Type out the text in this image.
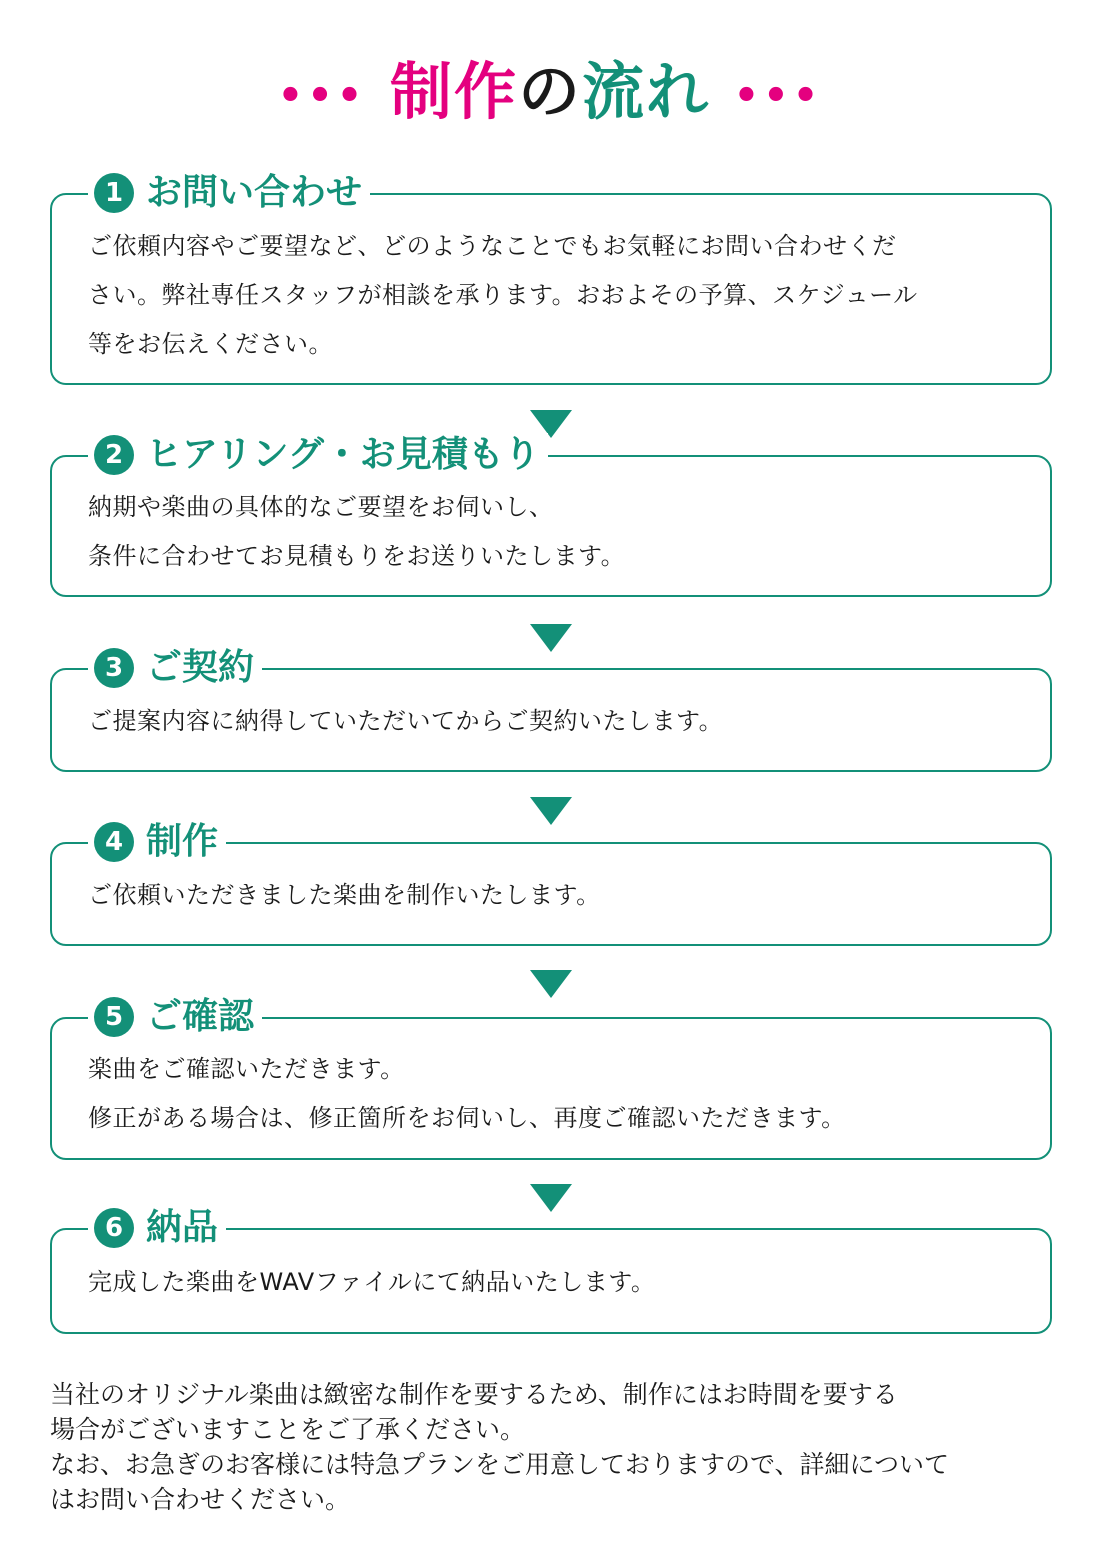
••• 制作の流れ •••
1 お問い合わせ

ご依頼内容やご要望など、どのようなことでもお気軽にお問い合わせくだ

さい。弊社専任スタッフが相談を承ります。おおよその予算、スケジュール

等をお伝えください。

2 ヒアリング・お見積もり

納期や楽曲の具体的なご要望をお伺いし、

条件に合わせてお見積もりをお送りいたします。

3 ご契約

ご提案内容に納得していただいてからご契約いたします。

4 制作

ご依頼いただきました楽曲を制作いたします。

5 ご確認

楽曲をご確認いただきます。

修正がある場合は、修正箇所をお伺いし、再度ご確認いただきます。

6 納品

完成した楽曲をWAVファイルにて納品いたします。

当社のオリジナル楽曲は緻密な制作を要するため、制作にはお時間を要する

場合がございますことをご了承ください。

なお、お急ぎのお客様には特急プランをご用意しておりますので、詳細について

はお問い合わせください。
